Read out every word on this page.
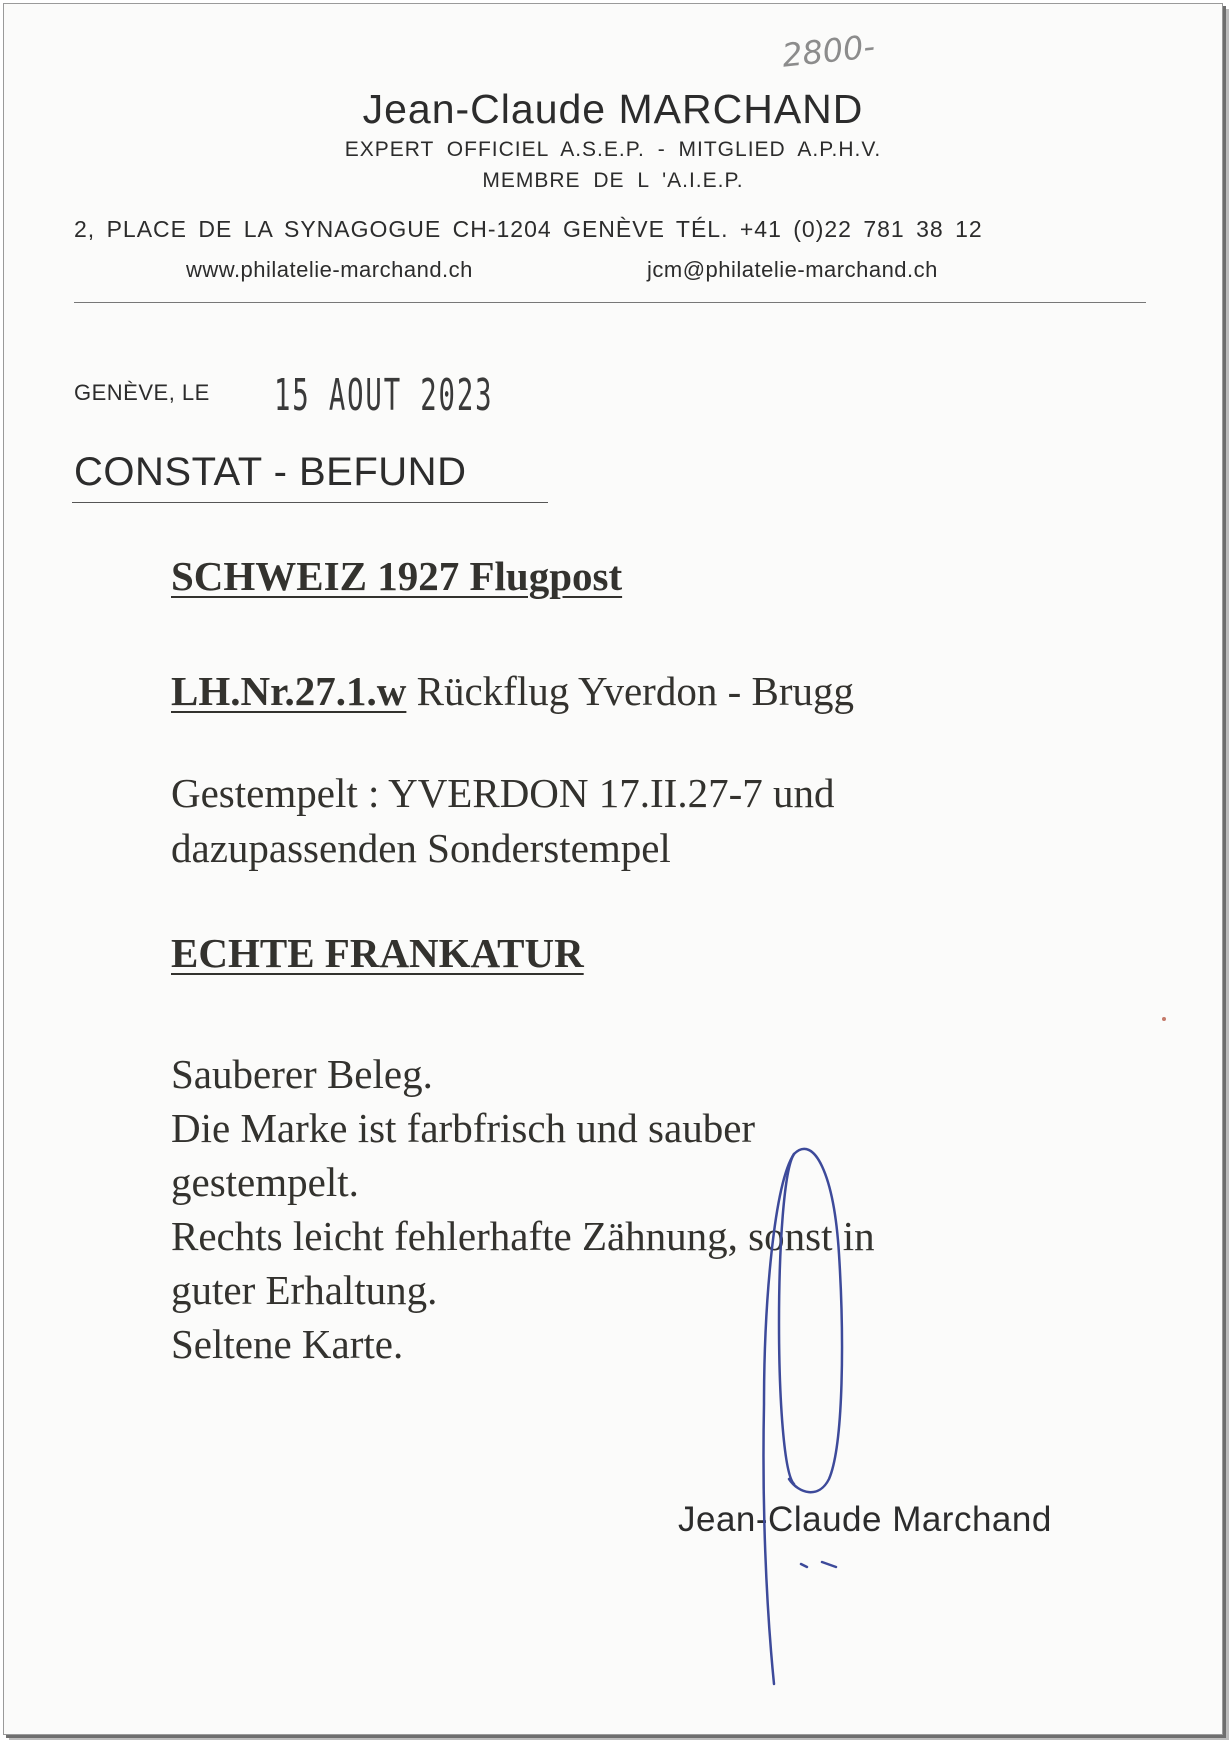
Jean-Claude MARCHAND
EXPERT OFFICIEL A.S.E.P. - MITGLIED A.P.H.V.
MEMBRE DE L 'A.I.E.P.
2, PLACE DE LA SYNAGOGUE CH-1204 GENÈVE TÉL. +41 (0)22 781 38 12
www.philatelie-marchand.ch	jcm@philatelie-marchand.ch
2800-
GENÈVE, LE 15 AOUT 2023
CONSTAT - BEFUND
SCHWEIZ 1927 Flugpost
LH.Nr.27.1.w Rückflug Yverdon - Brugg
Gestempelt : YVERDON 17.II.27-7 und
dazupassenden Sonderstempel
ECHTE FRANKATUR
Sauberer Beleg.
Die Marke ist farbfrisch und sauber
gestempelt.
Rechts leicht fehlerhafte Zähnung, sonst in
guter Erhaltung.
Seltene Karte.
Jean-Claude Marchand
